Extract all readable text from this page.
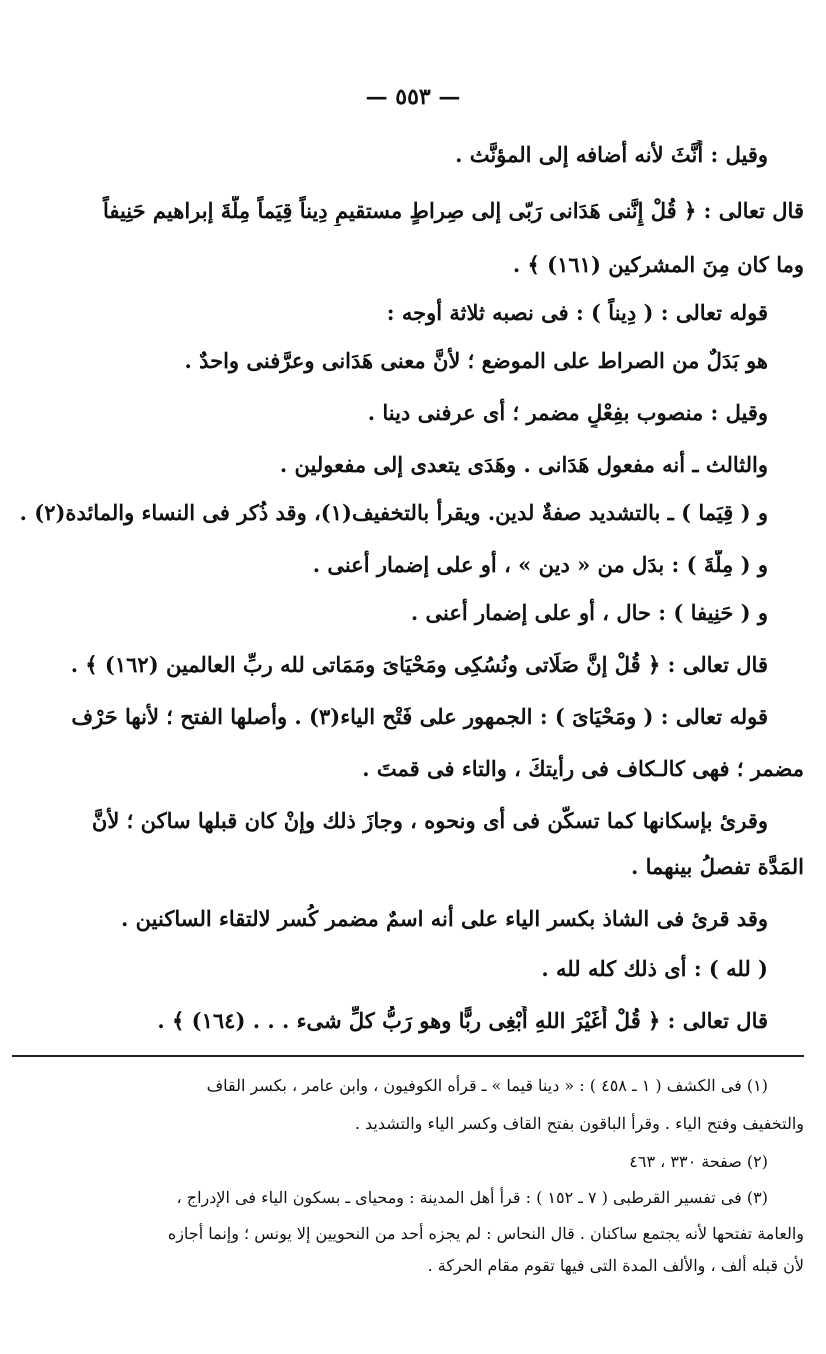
— ٥٥٣ —
وقيل : أَنَّثَ لأنه أضافه إلى المؤنَّث .
قال تعالى : ﴿ قُلْ إِنَّنى هَدَانى رَبّى إلى صِراطٍ مستقيمٍ دِيناً قِيَماً مِلَّةَ إبراهيم حَنِيفاً
وما كان مِنَ المشركين (١٦١) ﴾ .
قوله تعالى : ( دِيناً ) : فى نصبه ثلاثة أوجه :
هو بَدَلٌ من الصراط على الموضع ؛ لأنَّ معنى هَدَانى وعرَّفنى واحدٌ .
وقيل : منصوب بفِعْلٍ مضمر ؛ أى عرفنى دينا .
والثالث ـ أنه مفعول هَدَانى . وهَدَى يتعدى إلى مفعولين .
و ( قِيَما ) ـ بالتشديد صفةٌ لدين. ويقرأ بالتخفيف(١)، وقد ذُكر فى النساء والمائدة(٢) .
و ( مِلَّةَ ) : بدَل من « دين » ، أو على إضمار أعنى .
و ( حَنِيفا ) : حال ، أو على إضمار أعنى .
قال تعالى : ﴿ قُلْ إنَّ صَلَاتى ونُسُكِى ومَحْيَاىَ ومَمَاتى لله ربِّ العالمين (١٦٢) ﴾ .
قوله تعالى : ( ومَحْيَاىَ ) : الجمهور على فَتْح الياء(٣) . وأصلها الفتح ؛ لأنها حَرْف
مضمر ؛ فهى كالـكاف فى رأيتكَ ، والتاء فى قمتَ .
وقرئ بإسكانها كما تسكّن فى أى ونحوه ، وجازَ ذلك وإنْ كان قبلها ساكن ؛ لأنَّ
المَدَّة تفصلُ بينهما .
وقد قرئ فى الشاذ بكسر الياء على أنه اسمٌ مضمر كُسر لالتقاء الساكنين .
( لله ) : أى ذلك كله لله .
قال تعالى : ﴿ قُلْ أَغَيْرَ اللهِ أَبْغِى ربًّا وهو رَبُّ كلِّ شىء . . . (١٦٤) ﴾ .
(١) فى الكشف ( ١ ـ ٤٥٨ ) : « دينا قيما » ـ قرأه الكوفيون ، وابن عامر ، بكسر القاف
والتخفيف وفتح الياء . وقرأ الباقون بفتح القاف وكسر الياء والتشديد .
(٢) صفحة ٣٣٠ ، ٤٦٣
(٣) فى تفسير القرطبى ( ٧ ـ ١٥٢ ) : قرأ أهل المدينة : ومحياى ـ بسكون الياء فى الإدراج ،
والعامة تفتحها لأنه يجتمع ساكنان . قال النحاس : لم يجزه أحد من النحويين إلا يونس ؛ وإنما أجازه
لأن قبله ألف ، والألف المدة التى فيها تقوم مقام الحركة .
